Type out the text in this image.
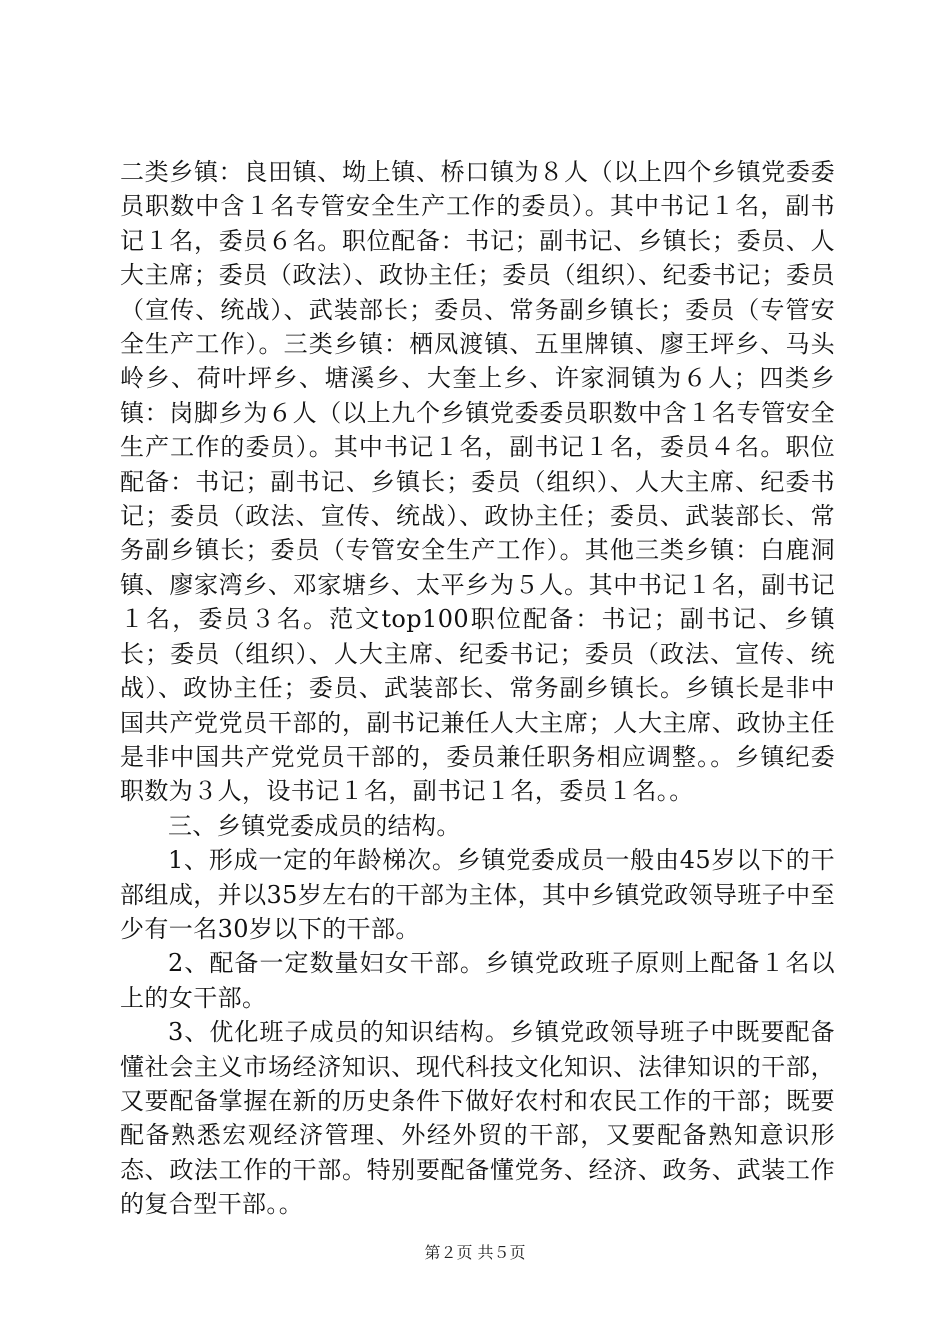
二类乡镇：良田镇、坳上镇、桥口镇为８人（以上四个乡镇党委委员职数中含１名专管安全生产工作的委员）。其中书记１名，副书记１名，委员６名。职位配备：书记；副书记、乡镇长；委员、人大主席；委员（政法）、政协主任；委员（组织）、纪委书记；委员（宣传、统战）、武装部长；委员、常务副乡镇长；委员（专管安全生产工作）。三类乡镇：栖凤渡镇、五里牌镇、廖王坪乡、马头岭乡、荷叶坪乡、塘溪乡、大奎上乡、许家洞镇为６人；四类乡镇：岗脚乡为６人（以上九个乡镇党委委员职数中含１名专管安全生产工作的委员）。其中书记１名，副书记１名，委员４名。职位配备：书记；副书记、乡镇长；委员（组织）、人大主席、纪委书记；委员（政法、宣传、统战）、政协主任；委员、武装部长、常务副乡镇长；委员（专管安全生产工作）。其他三类乡镇：白鹿洞镇、廖家湾乡、邓家塘乡、太平乡为５人。其中书记１名，副书记１名，委员３名。范文top100职位配备：书记；副书记、乡镇长；委员（组织）、人大主席、纪委书记；委员（政法、宣传、统战）、政协主任；委员、武装部长、常务副乡镇长。乡镇长是非中国共产党党员干部的，副书记兼任人大主席；人大主席、政协主任是非中国共产党党员干部的，委员兼任职务相应调整。。乡镇纪委职数为３人，设书记１名，副书记１名，委员１名。。

三、乡镇党委成员的结构。

1、形成一定的年龄梯次。乡镇党委成员一般由45岁以下的干部组成，并以35岁左右的干部为主体，其中乡镇党政领导班子中至少有一名30岁以下的干部。

2、配备一定数量妇女干部。乡镇党政班子原则上配备１名以上的女干部。

3、优化班子成员的知识结构。乡镇党政领导班子中既要配备懂社会主义市场经济知识、现代科技文化知识、法律知识的干部，又要配备掌握在新的历史条件下做好农村和农民工作的干部；既要配备熟悉宏观经济管理、外经外贸的干部，又要配备熟知意识形态、政法工作的干部。特别要配备懂党务、经济、政务、武装工作的复合型干部。。

第２页 共５页
